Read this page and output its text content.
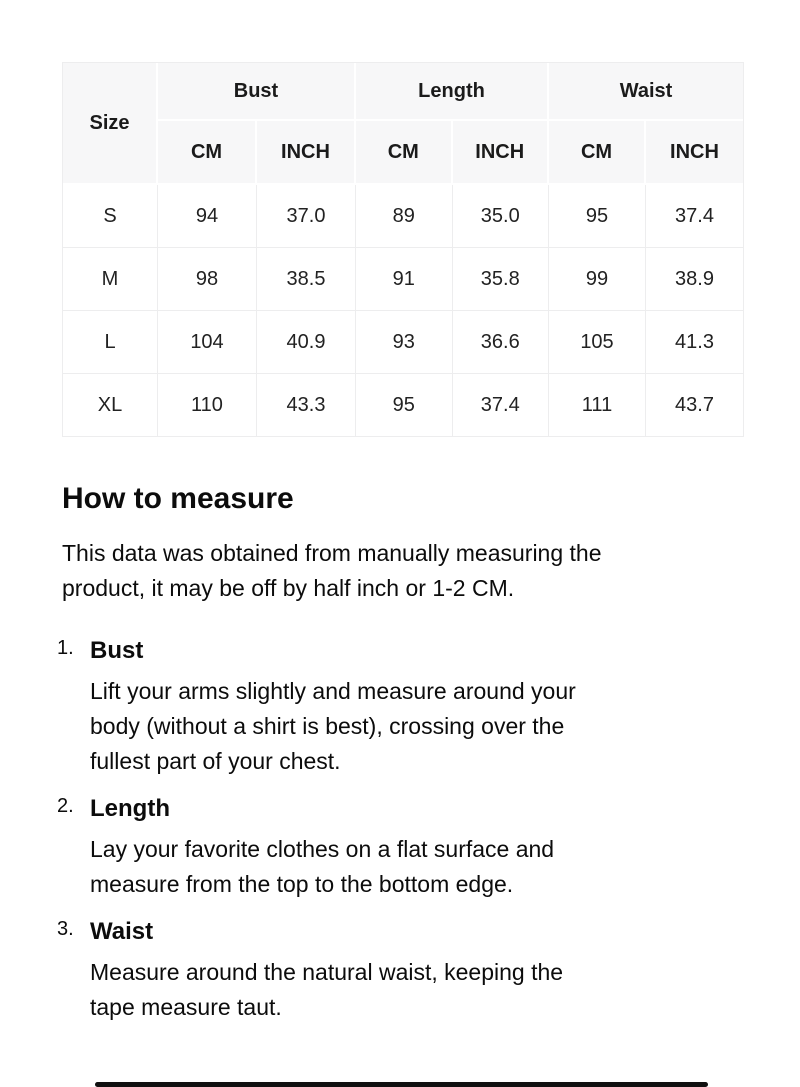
Size	Bust		Length		Waist	
	CM	INCH	CM	INCH	CM	INCH
S	94	37.0	89	35.0	95	37.4
M	98	38.5	91	35.8	99	38.9
L	104	40.9	93	36.6	105	41.3
XL	110	43.3	95	37.4	111	43.7
How to measure
This data was obtained from manually measuring the
product, it may be off by half inch or 1-2 CM.
1. Bust
Lift your arms slightly and measure around your
body (without a shirt is best), crossing over the
fullest part of your chest.
2. Length
Lay your favorite clothes on a flat surface and
measure from the top to the bottom edge.
3. Waist
Measure around the natural waist, keeping the
tape measure taut.
